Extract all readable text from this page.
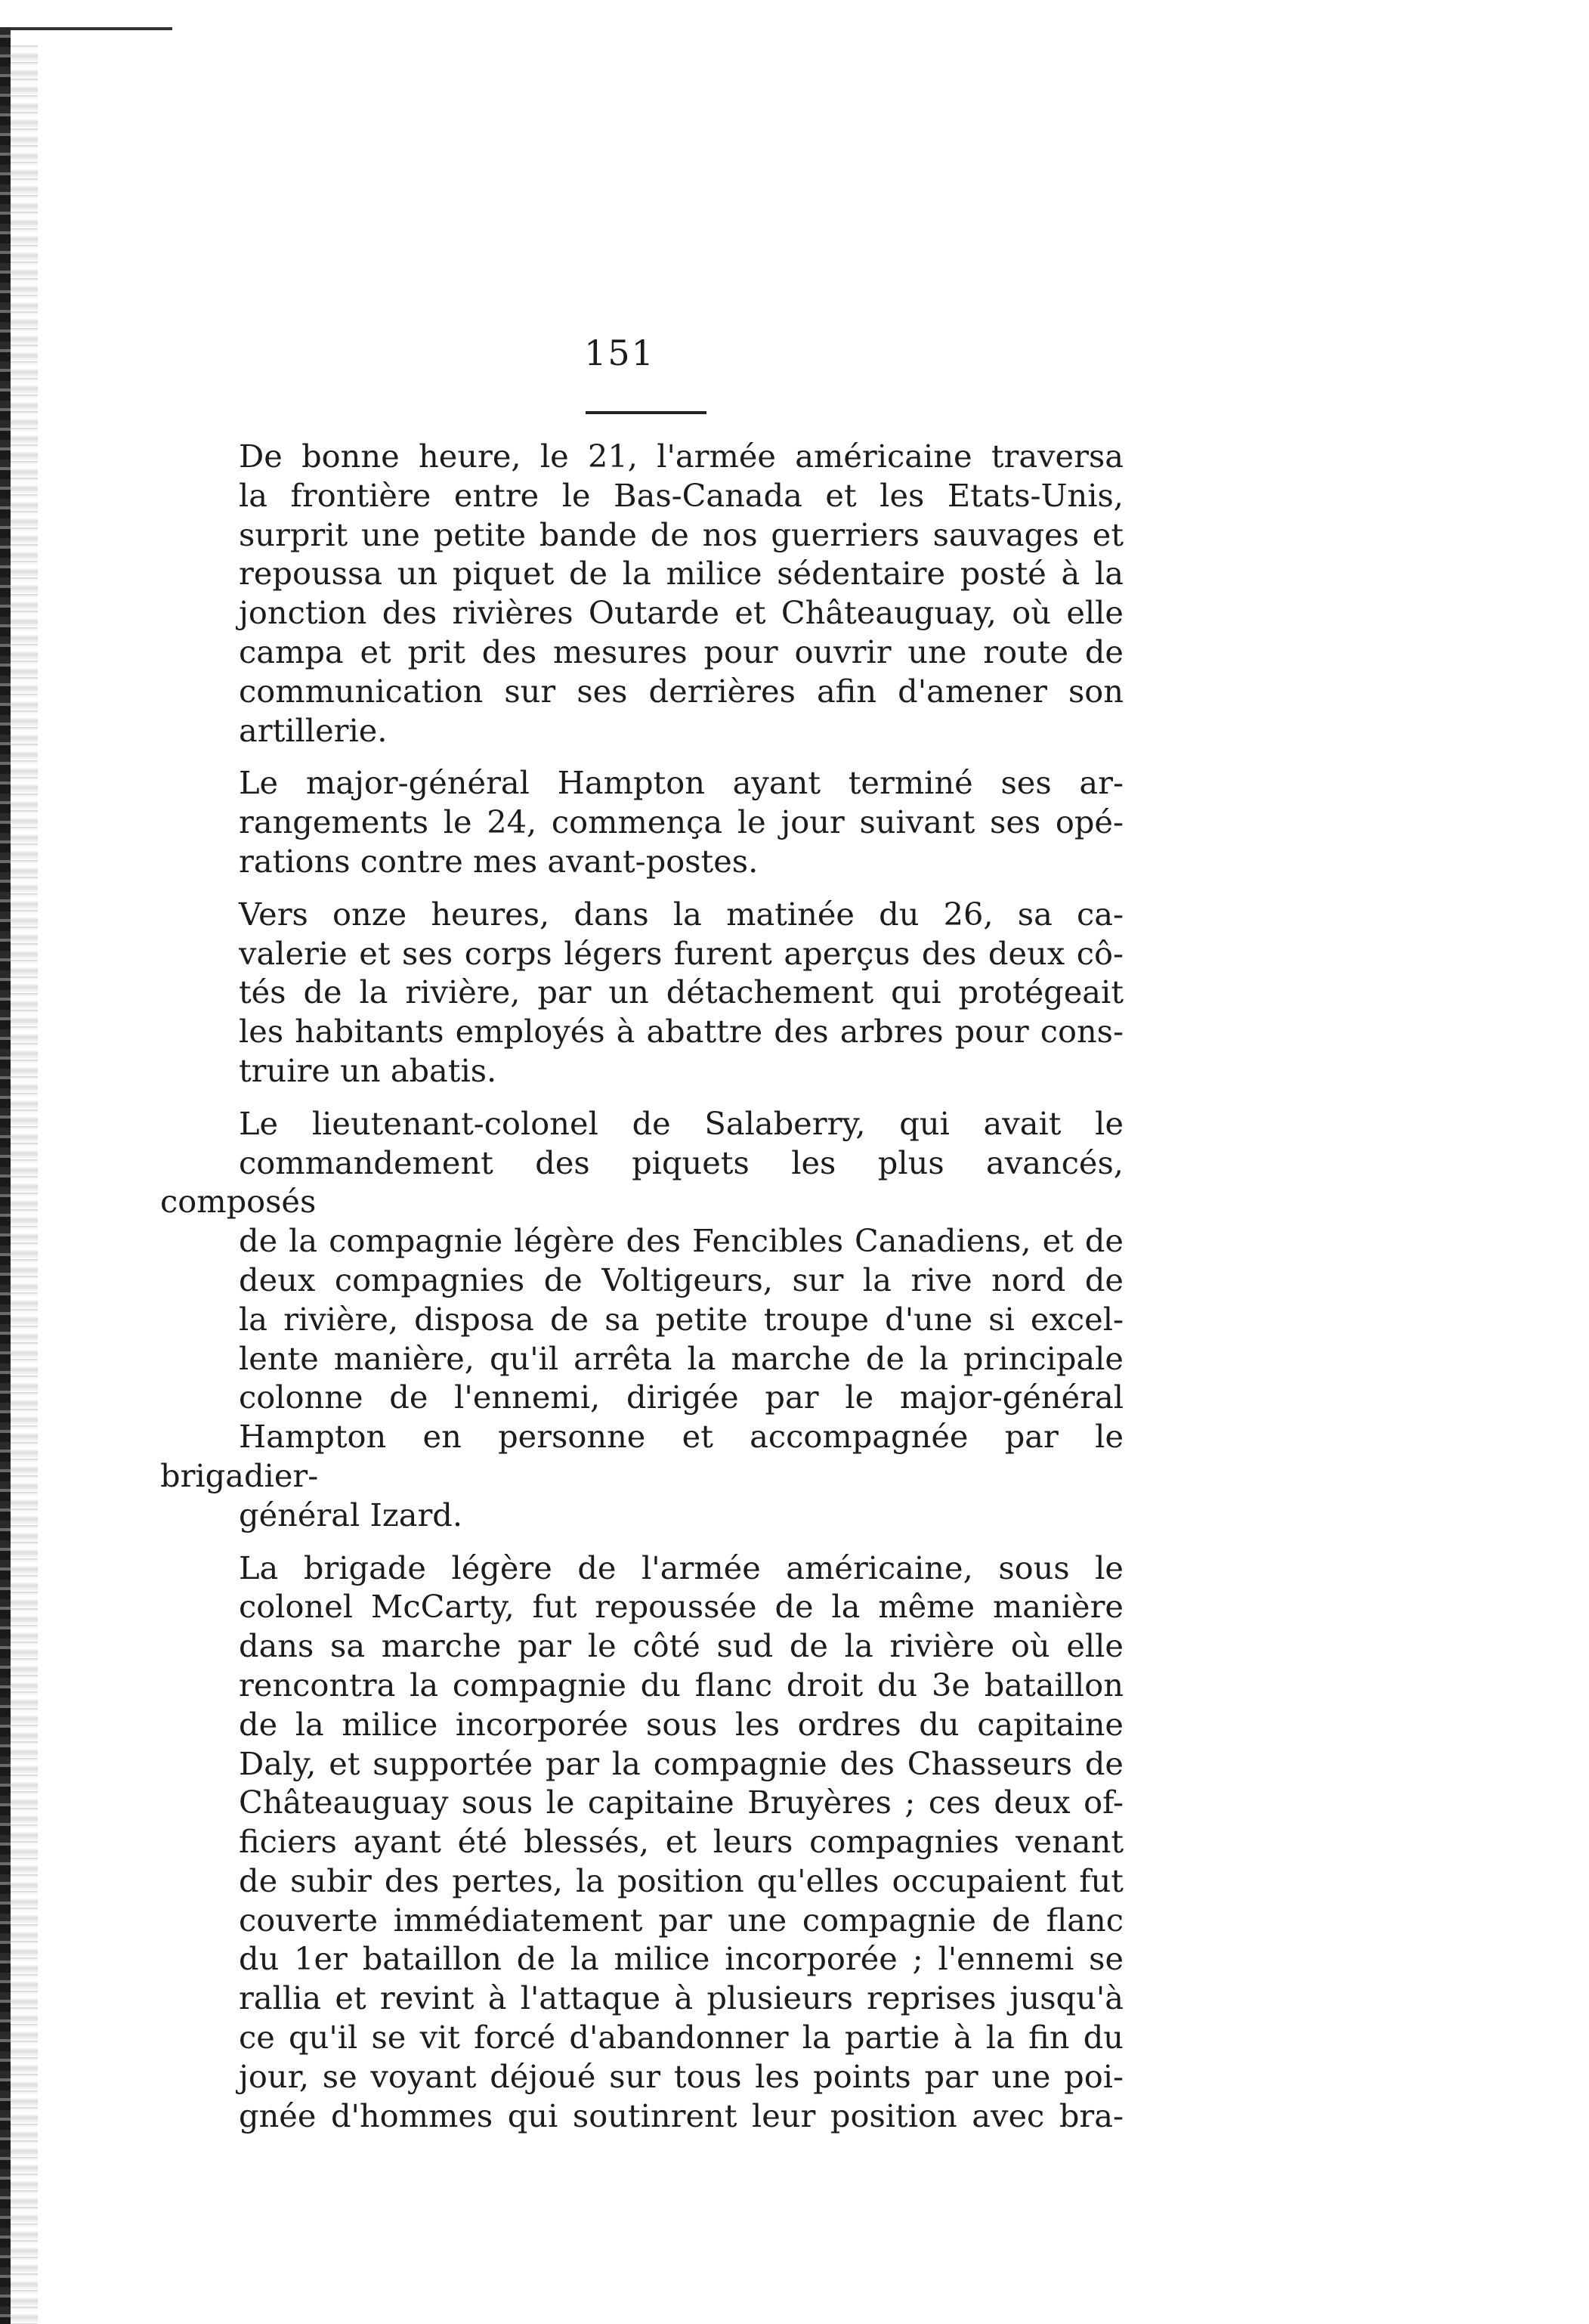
151

De bonne heure, le 21, l'armée américaine traversa
la frontière entre le Bas-Canada et les Etats-Unis,
surprit une petite bande de nos guerriers sauvages et
repoussa un piquet de la milice sédentaire posté à la
jonction des rivières Outarde et Châteauguay, où elle
campa et prit des mesures pour ouvrir une route de
communication sur ses derrières afin d'amener son
artillerie.

Le major-général Hampton ayant terminé ses ar-
rangements le 24, commença le jour suivant ses opé-
rations contre mes avant-postes.

Vers onze heures, dans la matinée du 26, sa ca-
valerie et ses corps légers furent aperçus des deux cô-
tés de la rivière, par un détachement qui protégeait
les habitants employés à abattre des arbres pour cons-
truire un abatis.

Le lieutenant-colonel de Salaberry, qui avait le
commandement des piquets les plus avancés, composés
de la compagnie légère des Fencibles Canadiens, et de
deux compagnies de Voltigeurs, sur la rive nord de
la rivière, disposa de sa petite troupe d'une si excel-
lente manière, qu'il arrêta la marche de la principale
colonne de l'ennemi, dirigée par le major-général
Hampton en personne et accompagnée par le brigadier-
général Izard.

La brigade légère de l'armée américaine, sous le
colonel McCarty, fut repoussée de la même manière
dans sa marche par le côté sud de la rivière où elle
rencontra la compagnie du flanc droit du 3e bataillon
de la milice incorporée sous les ordres du capitaine
Daly, et supportée par la compagnie des Chasseurs de
Châteauguay sous le capitaine Bruyères ; ces deux of-
ficiers ayant été blessés, et leurs compagnies venant
de subir des pertes, la position qu'elles occupaient fut
couverte immédiatement par une compagnie de flanc
du 1er bataillon de la milice incorporée ; l'ennemi se
rallia et revint à l'attaque à plusieurs reprises jusqu'à
ce qu'il se vit forcé d'abandonner la partie à la fin du
jour, se voyant déjoué sur tous les points par une poi-
gnée d'hommes qui soutinrent leur position avec bra-
